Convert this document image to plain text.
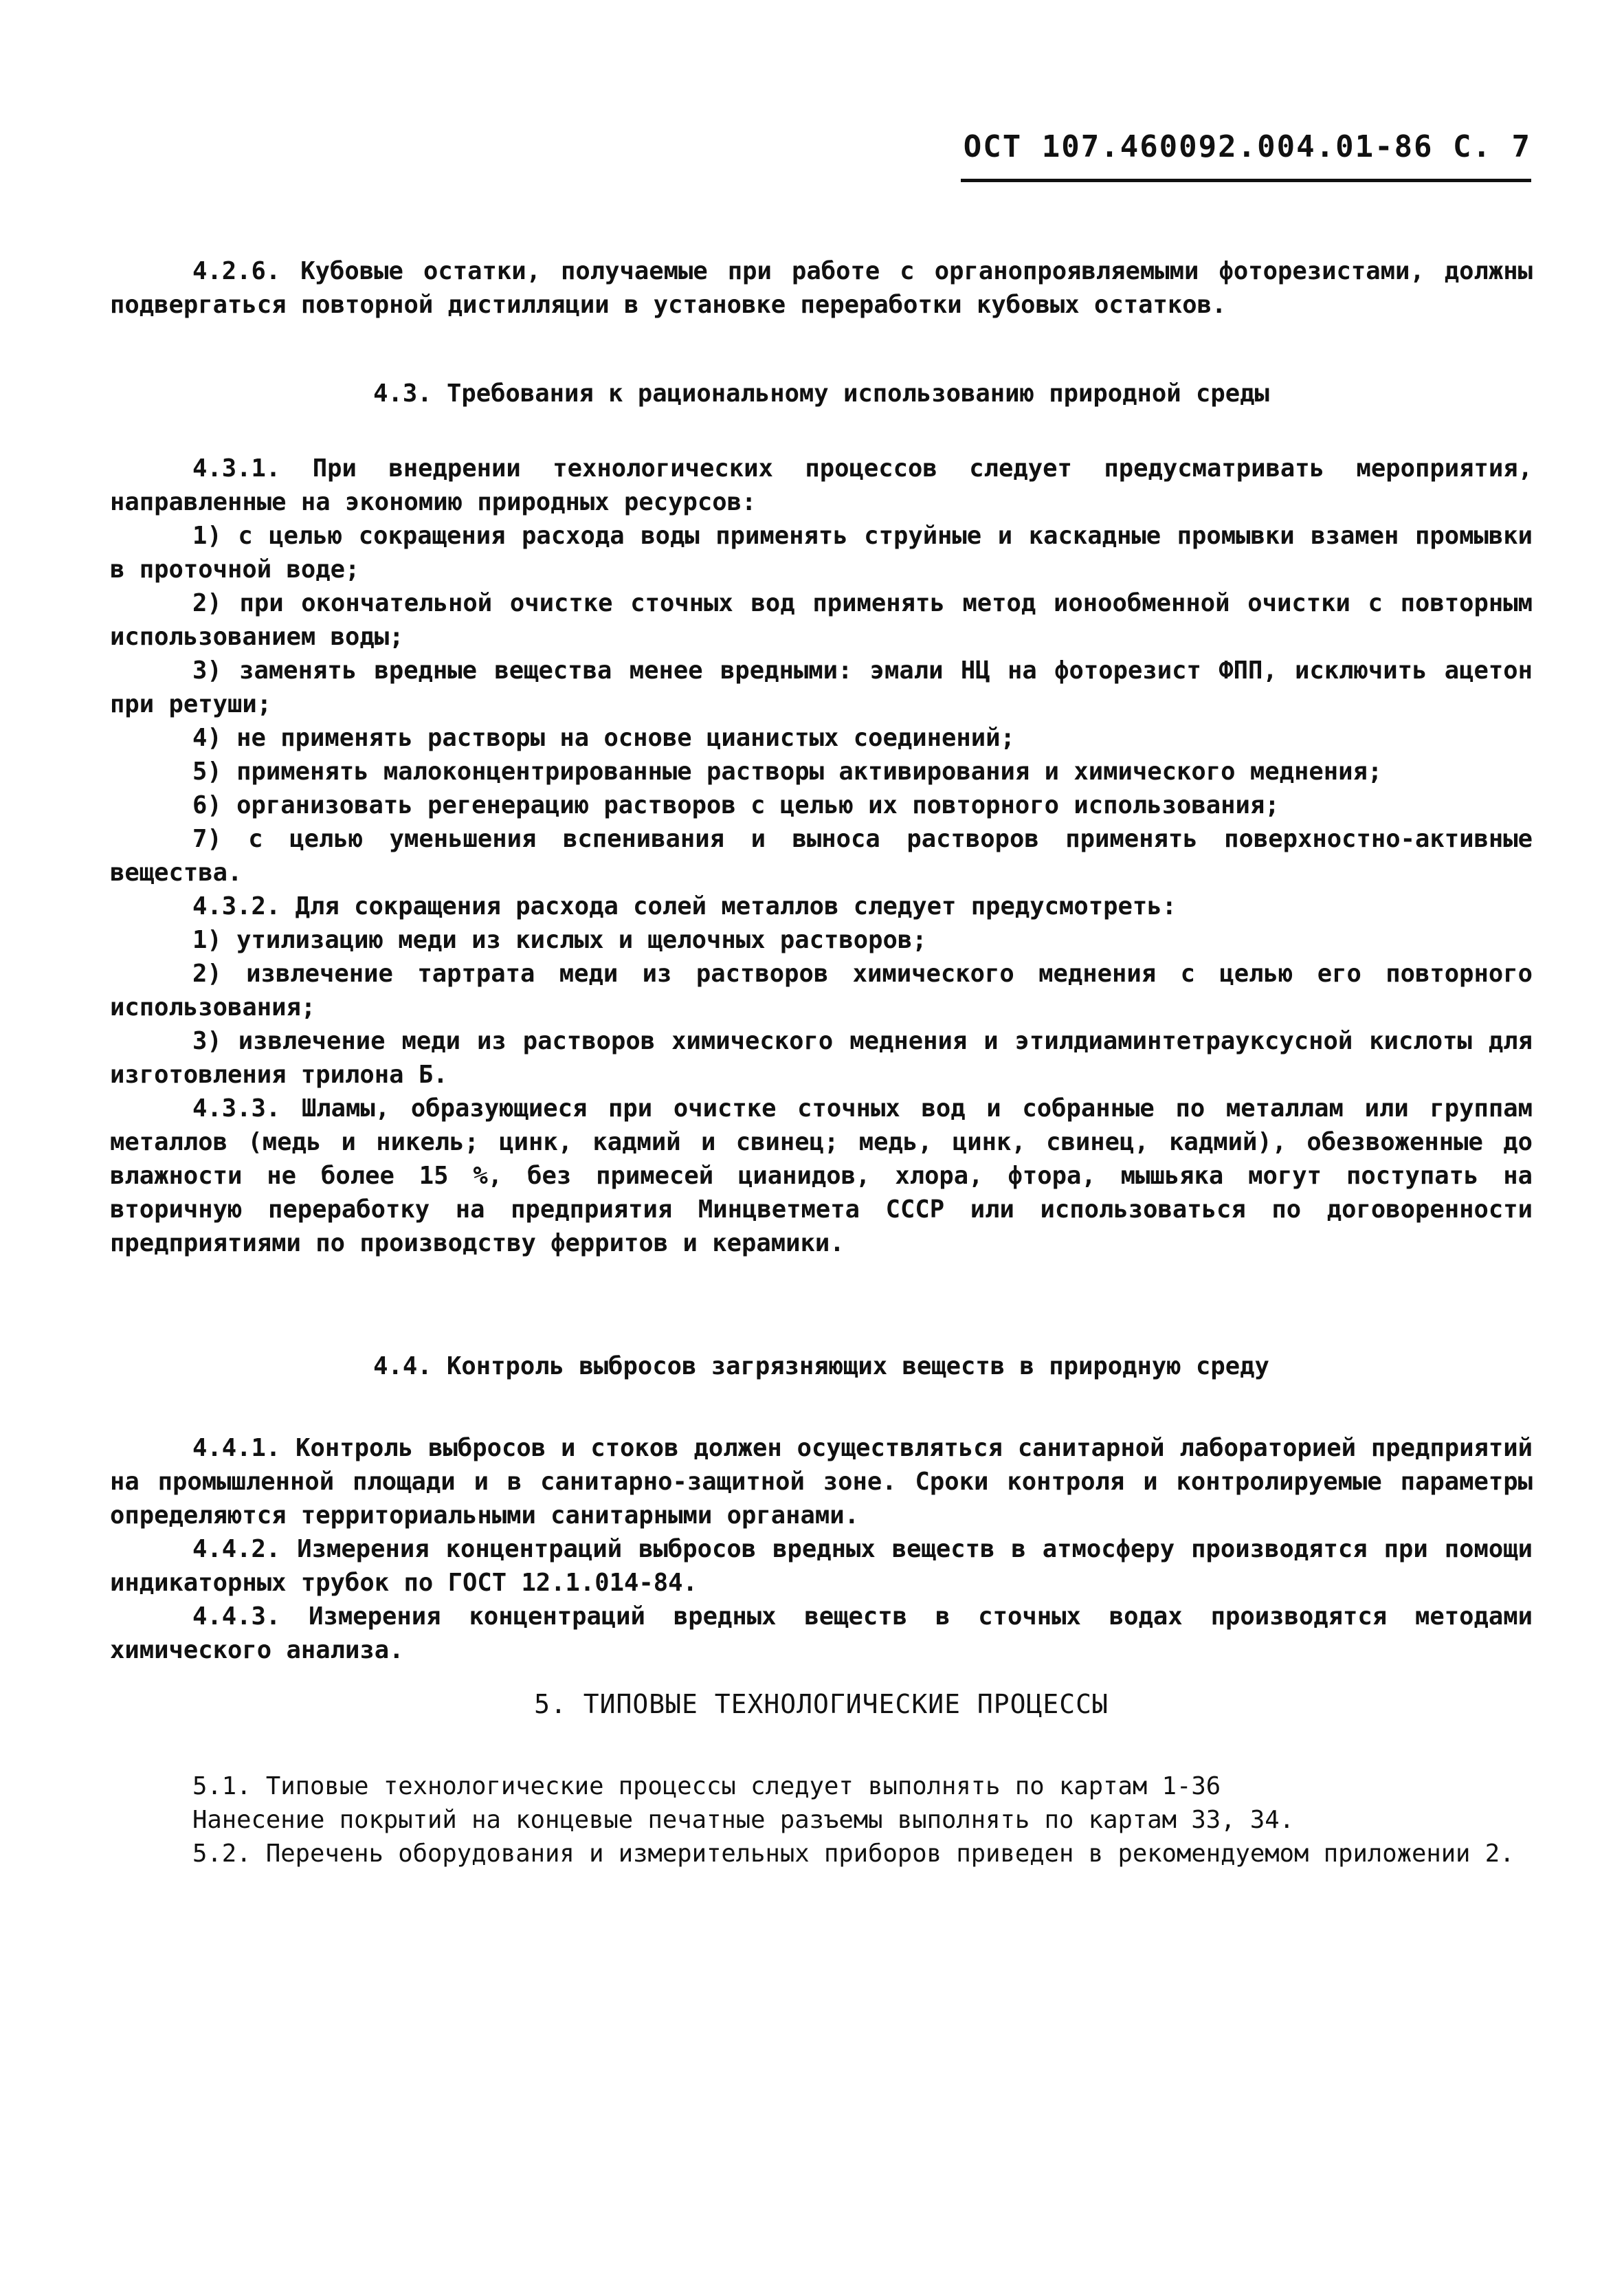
ОСТ 107.460092.004.01-86 С. 7

4.2.6. Кубовые остатки, получаемые при работе с органопроявляемыми фоторезистами, должны подвергаться повторной дистилляции в установке переработки кубовых остатков.

4.3. Требования к рациональному использованию природной среды

4.3.1. При внедрении технологических процессов следует предусматривать мероприятия, направленные на экономию природных ресурсов:

1) с целью сокращения расхода воды применять струйные и каскадные промывки взамен промывки в проточной воде;

2) при окончательной очистке сточных вод применять метод ионообменной очистки с повторным использованием воды;

3) заменять вредные вещества менее вредными: эмали НЦ на фоторезист ФПП, исключить ацетон при ретуши;

4) не применять растворы на основе цианистых соединений;

5) применять малоконцентрированные растворы активирования и химического меднения;

6) организовать регенерацию растворов с целью их повторного использования;

7) с целью уменьшения вспенивания и выноса растворов применять поверхностно-активные вещества.

4.3.2. Для сокращения расхода солей металлов следует предусмотреть:

1) утилизацию меди из кислых и щелочных растворов;

2) извлечение тартрата меди из растворов химического меднения с целью его повторного использования;

3) извлечение меди из растворов химического меднения и этилдиаминтетрауксусной кислоты для изготовления трилона Б.

4.3.3. Шламы, образующиеся при очистке сточных вод и собранные по металлам или группам металлов (медь и никель; цинк, кадмий и свинец; медь, цинк, свинец, кадмий), обезвоженные до влажности не более 15 %, без примесей цианидов, хлора, фтора, мышьяка могут поступать на вторичную переработку на предприятия Минцветмета СССР или использоваться по договоренности предприятиями по производству ферритов и керамики.

4.4. Контроль выбросов загрязняющих веществ в природную среду

4.4.1. Контроль выбросов и стоков должен осуществляться санитарной лабораторией предприятий на промышленной площади и в санитарно-защитной зоне. Сроки контроля и контролируемые параметры определяются территориальными санитарными органами.

4.4.2. Измерения концентраций выбросов вредных веществ в атмосферу производятся при помощи индикаторных трубок по ГОСТ 12.1.014-84.

4.4.3. Измерения концентраций вредных веществ в сточных водах производятся методами химического анализа.

5. ТИПОВЫЕ ТЕХНОЛОГИЧЕСКИЕ ПРОЦЕССЫ

5.1. Типовые технологические процессы следует выполнять по картам 1-36

Нанесение покрытий на концевые печатные разъемы выполнять по картам 33, 34.

5.2. Перечень оборудования и измерительных приборов приведен в рекомендуемом приложении 2.
